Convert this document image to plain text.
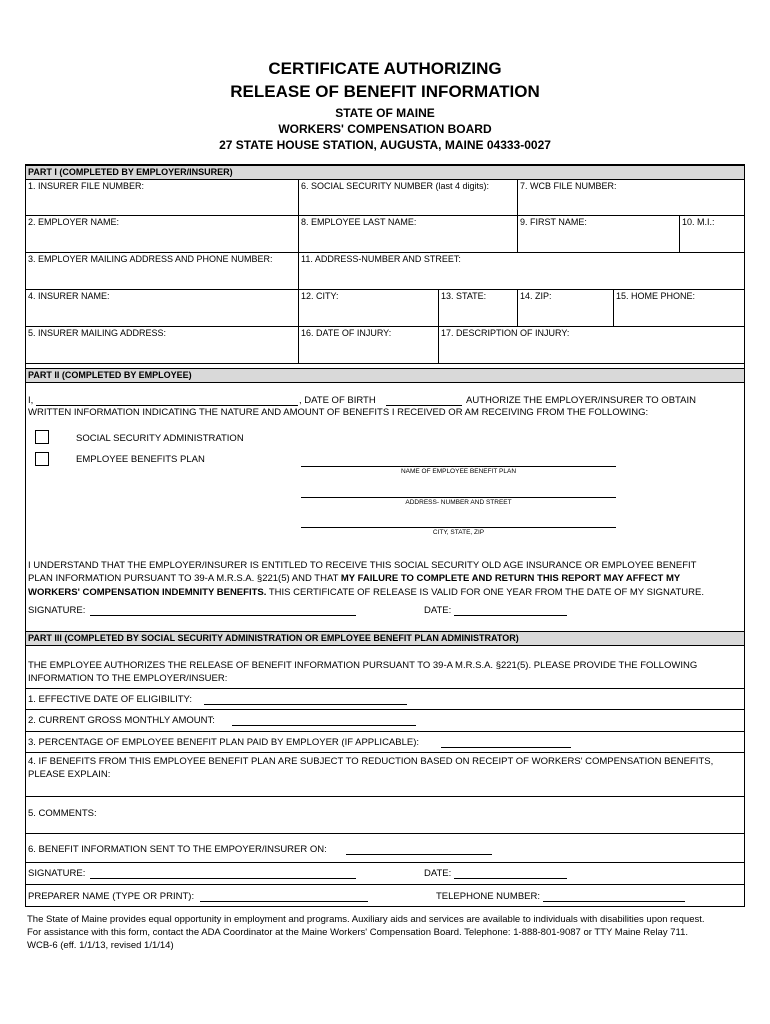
CERTIFICATE AUTHORIZING
RELEASE OF BENEFIT INFORMATION
STATE OF MAINE
WORKERS' COMPENSATION BOARD
27 STATE HOUSE STATION, AUGUSTA, MAINE 04333-0027
PART I (COMPLETED BY EMPLOYER/INSURER)
1. INSURER FILE NUMBER:	6. SOCIAL SECURITY NUMBER (last 4 digits):	7. WCB FILE NUMBER:
2. EMPLOYER NAME:	8. EMPLOYEE LAST NAME:	9. FIRST NAME:	10. M.I.:
3. EMPLOYER MAILING ADDRESS AND PHONE NUMBER:	11. ADDRESS-NUMBER AND STREET:
4. INSURER NAME:	12. CITY:	13. STATE:	14. ZIP:	15. HOME PHONE:
5. INSURER MAILING ADDRESS:	16. DATE OF INJURY:	17. DESCRIPTION OF INJURY:
PART II (COMPLETED BY EMPLOYEE)
I,	, DATE OF BIRTH	AUTHORIZE THE EMPLOYER/INSURER TO OBTAIN
WRITTEN INFORMATION INDICATING THE NATURE AND AMOUNT OF BENEFITS I RECEIVED OR AM RECEIVING FROM THE FOLLOWING:
SOCIAL SECURITY ADMINISTRATION
EMPLOYEE BENEFITS PLAN
NAME OF EMPLOYEE BENEFIT PLAN
ADDRESS- NUMBER AND STREET
CITY, STATE, ZIP
I UNDERSTAND THAT THE EMPLOYER/INSURER IS ENTITLED TO RECEIVE THIS SOCIAL SECURITY OLD AGE INSURANCE OR EMPLOYEE BENEFIT
PLAN INFORMATION PURSUANT TO 39-A M.R.S.A. §221(5) AND THAT MY FAILURE TO COMPLETE AND RETURN THIS REPORT MAY AFFECT MY
WORKERS' COMPENSATION INDEMNITY BENEFITS. THIS CERTIFICATE OF RELEASE IS VALID FOR ONE YEAR FROM THE DATE OF MY SIGNATURE.
SIGNATURE:	DATE:
PART III (COMPLETED BY SOCIAL SECURITY ADMINISTRATION OR EMPLOYEE BENEFIT PLAN ADMINISTRATOR)
THE EMPLOYEE AUTHORIZES THE RELEASE OF BENEFIT INFORMATION PURSUANT TO 39-A M.R.S.A. §221(5). PLEASE PROVIDE THE FOLLOWING
INFORMATION TO THE EMPLOYER/INSUER:
1. EFFECTIVE DATE OF ELIGIBILITY:
2. CURRENT GROSS MONTHLY AMOUNT:
3. PERCENTAGE OF EMPLOYEE BENEFIT PLAN PAID BY EMPLOYER (IF APPLICABLE):
4. IF BENEFITS FROM THIS EMPLOYEE BENEFIT PLAN ARE SUBJECT TO REDUCTION BASED ON RECEIPT OF WORKERS' COMPENSATION BENEFITS,
PLEASE EXPLAIN:
5. COMMENTS:
6. BENEFIT INFORMATION SENT TO THE EMPOYER/INSURER ON:
SIGNATURE:	DATE:
PREPARER NAME (TYPE OR PRINT):	TELEPHONE NUMBER:
The State of Maine provides equal opportunity in employment and programs. Auxiliary aids and services are available to individuals with disabilities upon request.
For assistance with this form, contact the ADA Coordinator at the Maine Workers' Compensation Board. Telephone: 1-888-801-9087 or TTY Maine Relay 711.
WCB-6 (eff. 1/1/13, revised 1/1/14)
